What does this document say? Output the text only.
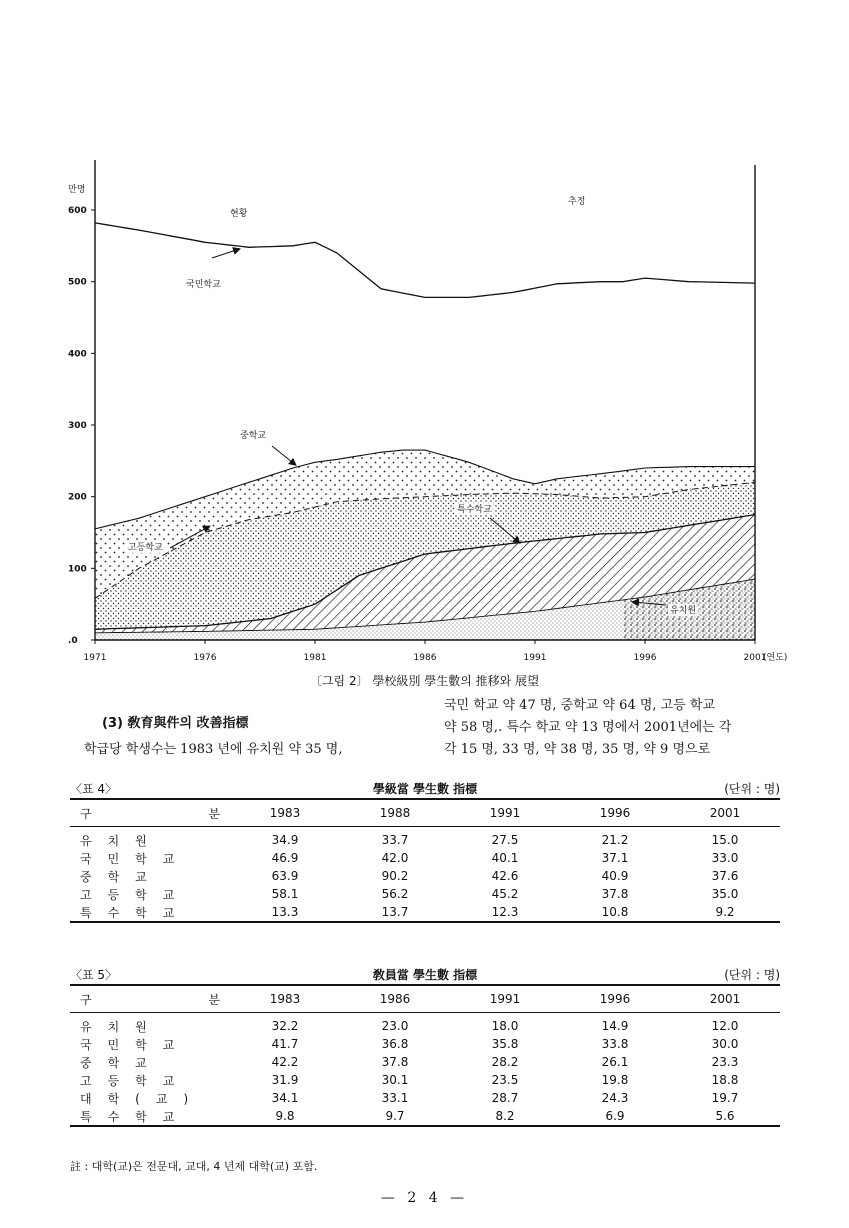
.0
100
200
300
400
500
600
만명
1971	1976	1981	1986	1991	1996	2001
(연도)
현황
추정
국민학교
중학교
고등학교
특수학교
유치원
〔그림 2〕 學校級別 學生數의 推移와 展望
(3) 敎育與件의 改善指標
학급당 학생수는 1983 년에 유치원 약 35 명,
국민 학교 약 47 명, 중학교 약 64 명, 고등 학교
약 58 명,. 특수 학교 약 13 명에서 2001년에는 각
각 15 명, 33 명, 약 38 명, 35 명, 약 9 명으로
〈표 4〉	學級當 學生數 指標	(단위 : 명)
구 분	1983	1988	1991	1996	2001
유치원	34.9	33.7	27.5	21.2	15.0
국민학교	46.9	42.0	40.1	37.1	33.0
중학교	63.9	90.2	42.6	40.9	37.6
고등학교	58.1	56.2	45.2	37.8	35.0
특수학교	13.3	13.7	12.3	10.8	9.2
〈표 5〉	敎員當 學生數 指標	(단위 : 명)
구 분	1983	1986	1991	1996	2001
유치원	32.2	23.0	18.0	14.9	12.0
국민학교	41.7	36.8	35.8	33.8	30.0
중학교	42.2	37.8	28.2	26.1	23.3
고등학교	31.9	30.1	23.5	19.8	18.8
대학(교)	34.1	33.1	28.7	24.3	19.7
특수학교	9.8	9.7	8.2	6.9	5.6
註 : 대학(교)은 전문대, 교대, 4 년제 대학(교) 포함.
— 2 4 —
